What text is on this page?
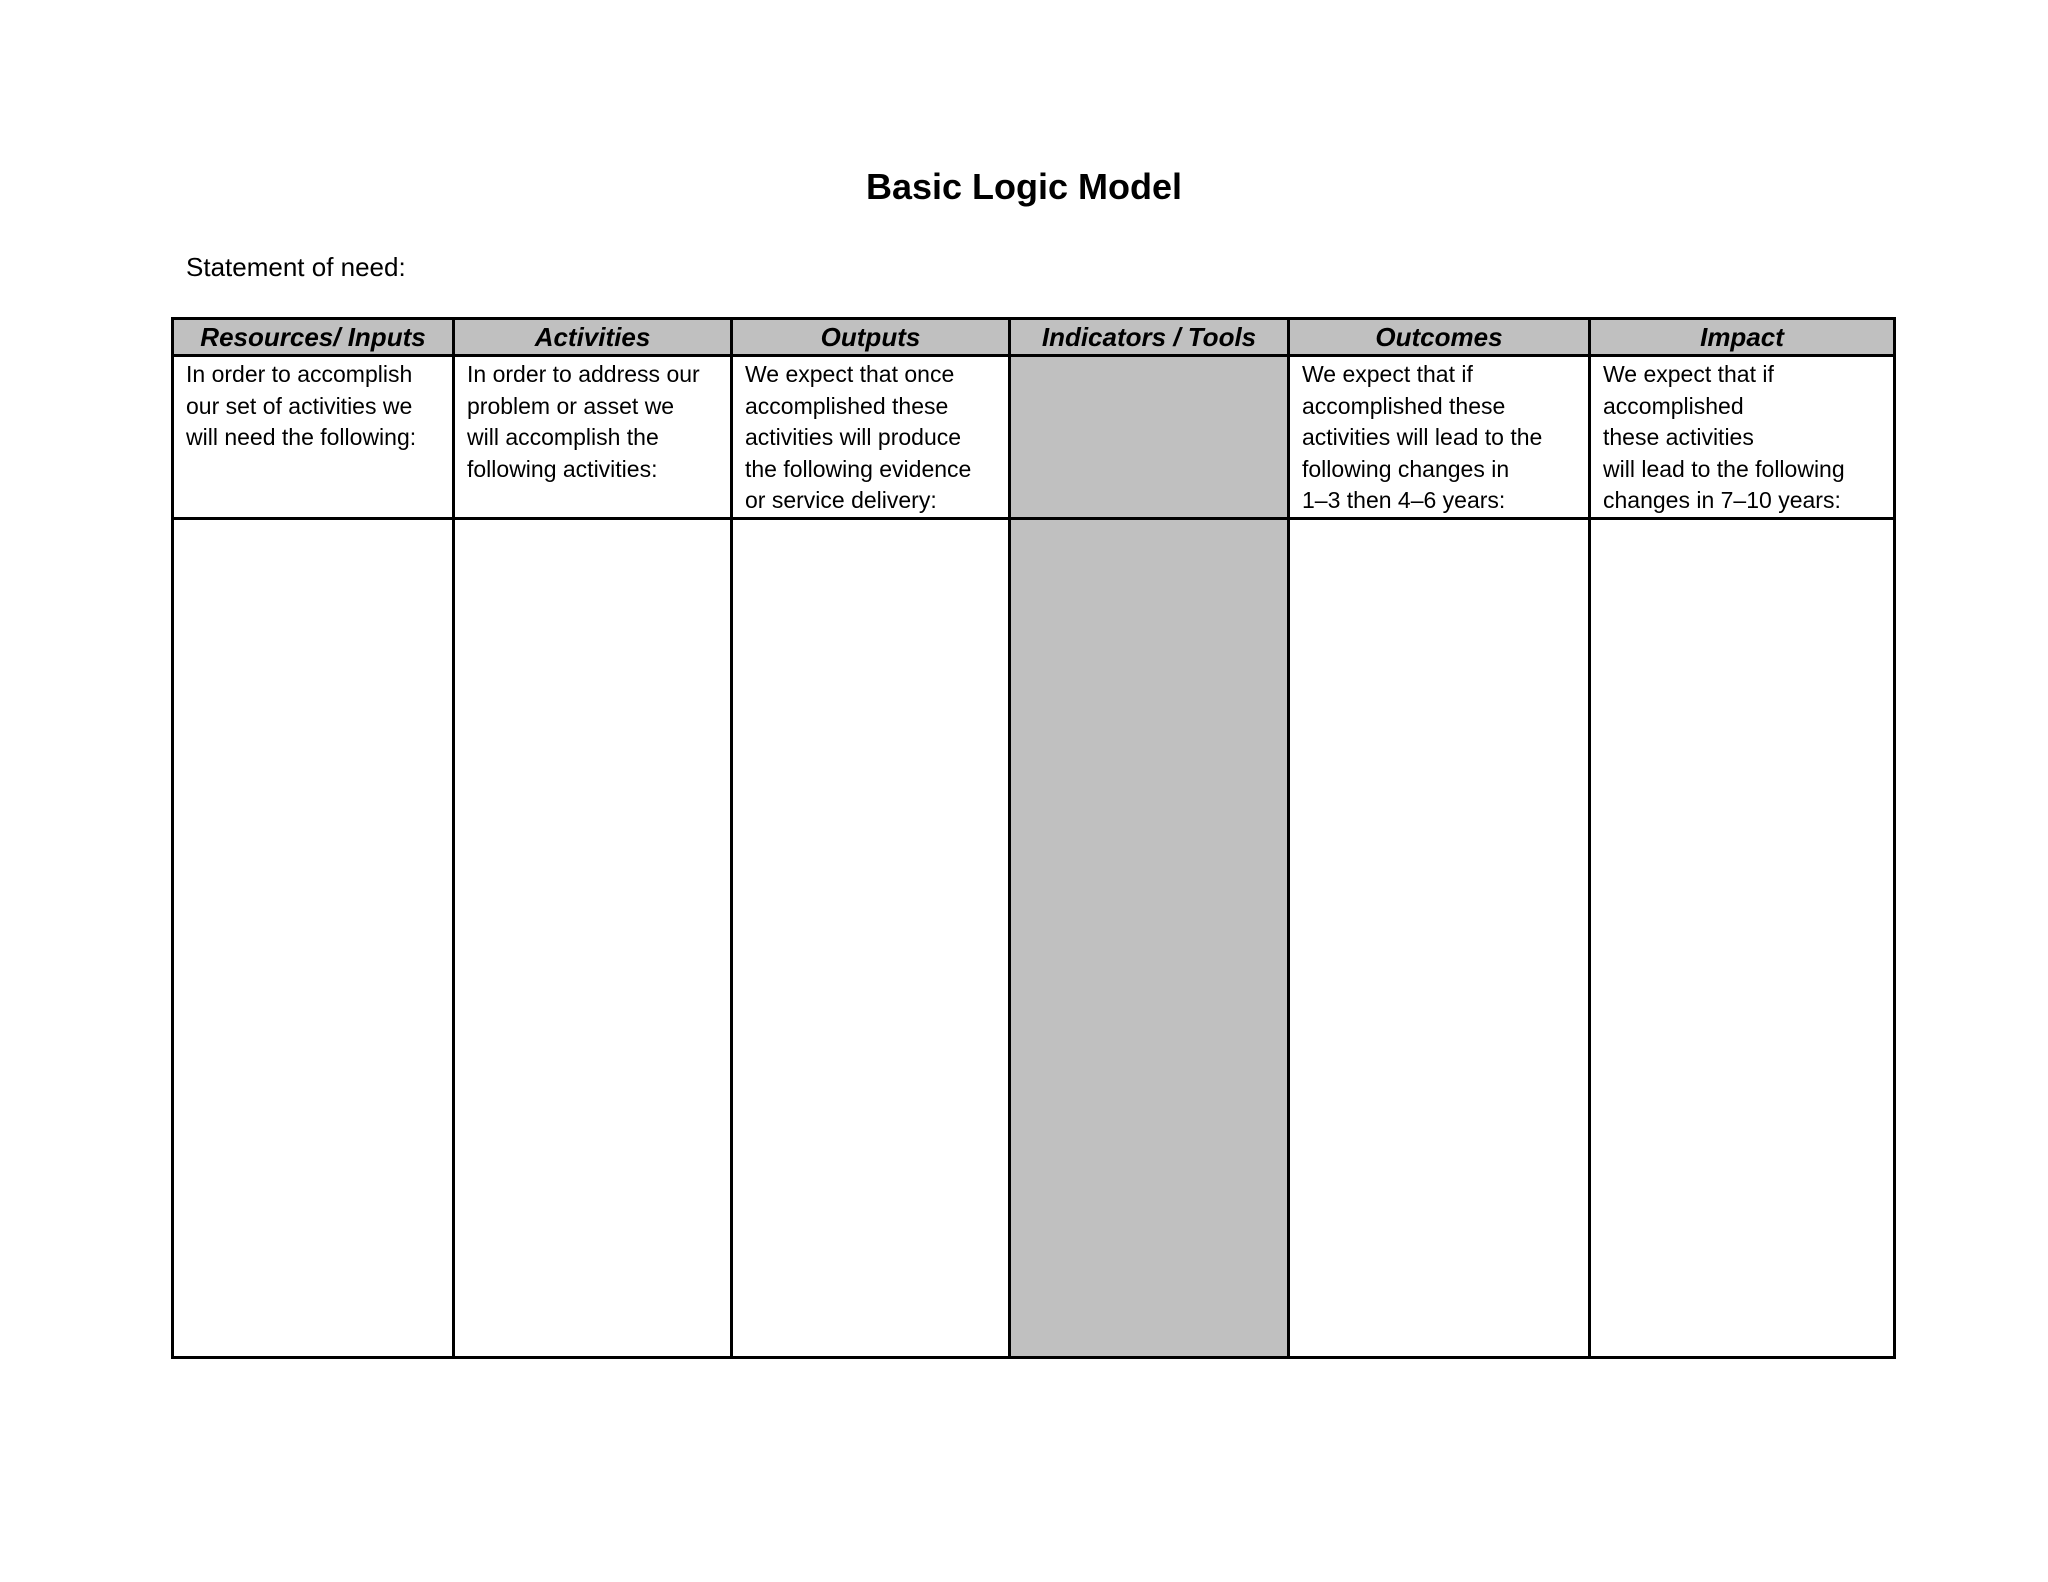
Basic Logic Model
Statement of need:
Resources/ Inputs	Activities	Outputs	Indicators / Tools	Outcomes	Impact
In order to accomplish
our set of activities we
will need the following:	In order to address our
problem or asset we
will accomplish the
following activities:	We expect that once
accomplished these
activities will produce
the following evidence
or service delivery:		We expect that if
accomplished these
activities will lead to the
following changes in
1–3 then 4–6 years:	We expect that if
accomplished
these activities
will lead to the following
changes in 7–10 years:
